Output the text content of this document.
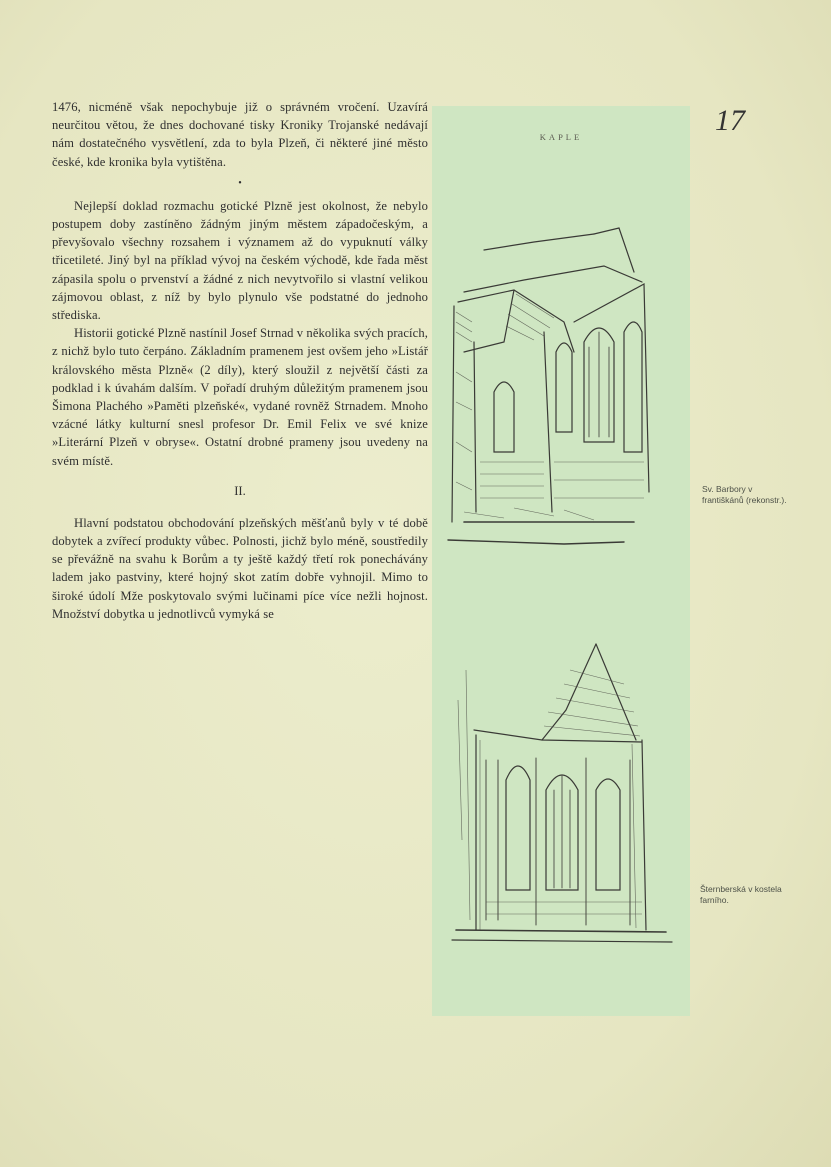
1476, nicméně však nepochybuje již o správném vročení. Uzavírá neurčitou větou, že dnes dochované tisky Kroniky Trojanské nedávají nám dostatečného vysvětlení, zda to byla Plzeň, či některé jiné město české, kde kronika byla vytištěna.

•

Nejlepší doklad rozmachu gotické Plzně jest okolnost, že nebylo postupem doby zastíněno žádným jiným městem západočeským, a převyšovalo všechny rozsahem i významem až do vypuknutí války třicetileté. Jiný byl na příklad vývoj na českém východě, kde řada měst zápasila spolu o prvenství a žádné z nich nevytvořilo si vlastní velikou zájmovou oblast, z níž by bylo plynulo vše podstatné do jednoho střediska.

Historii gotické Plzně nastínil Josef Strnad v několika svých pracích, z nichž bylo tuto čerpáno. Základním pramenem jest ovšem jeho »Listář královského města Plzně« (2 díly), který sloužil z největší části za podklad i k úvahám dalším. V pořadí druhým důležitým pramenem jsou Šimona Plachého »Paměti plzeňské«, vydané rovněž Strnadem. Mnoho vzácné látky kulturní snesl profesor Dr. Emil Felix ve své knize »Literární Plzeň v obryse«. Ostatní drobné prameny jsou uvedeny na svém místě.

II.

Hlavní podstatou obchodování plzeňských měšťanů byly v té době dobytek a zvířecí produkty vůbec. Polnosti, jichž bylo méně, soustředily se převážně na svahu k Borům a ty ještě každý třetí rok ponechávány ladem jako pastviny, které hojný skot zatím dobře vyhnojil. Mimo to široké údolí Mže poskytovalo svými lučinami píce více nežli hojnost. Množství dobytka u jednotlivců vymyká se

KAPLE	17
Sv. Barbory v františkánů (rekonstr.).
Šternberská v kostela farního.
